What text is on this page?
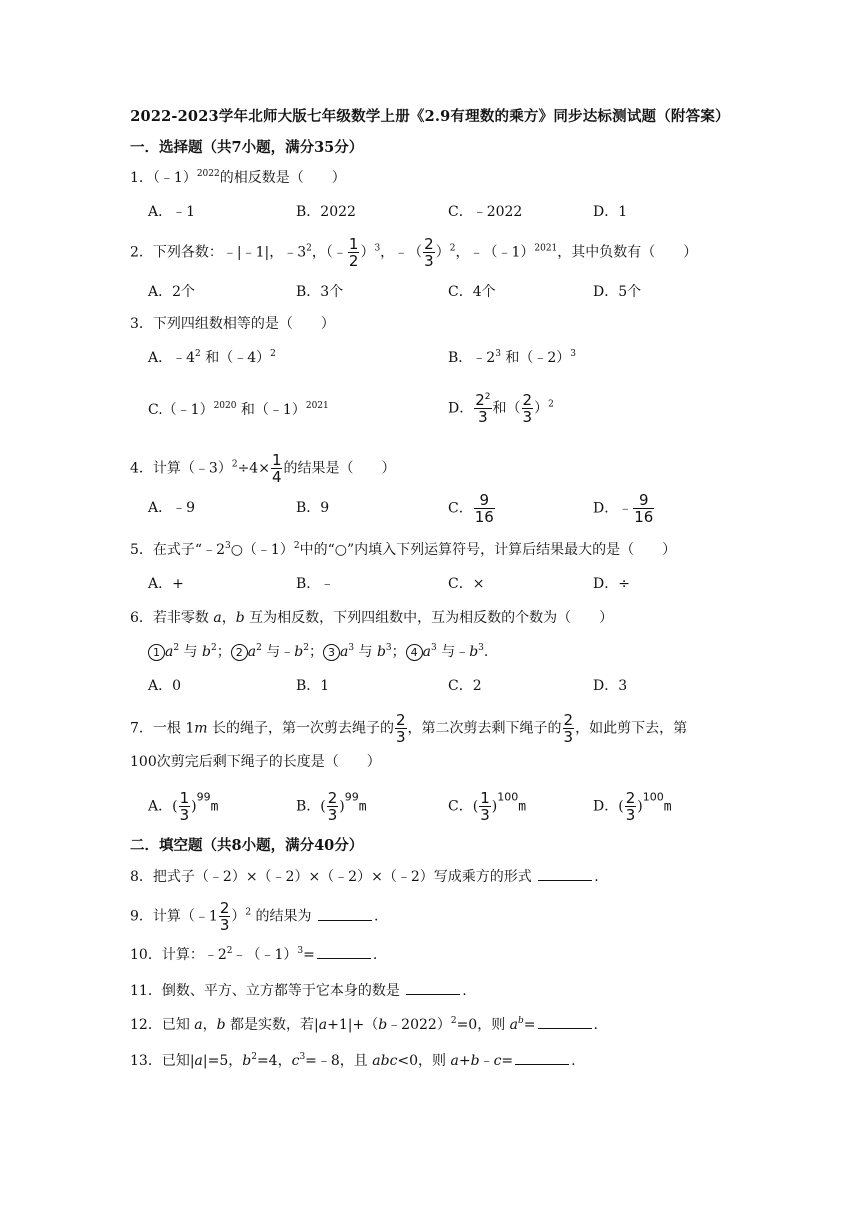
2022-2023学年北师大版七年级数学上册《2.9有理数的乘方》同步达标测试题（附答案）
一．选择题（共7小题，满分35分）
1．（﹣1）$^{2022}$的相反数是（　　）
A．﹣1	B．2022	C．﹣2022	D．1
2．下列各数：﹣|﹣1|，$﹣3^2$，（﹣ $\frac{1}{2} )^3$，﹣（ $\frac{2}{3} )^2$，﹣（﹣1）$^{2021}$，其中负数有（　　）
A．2个	B．3个	C．4个	D．5个
3．下列四组数相等的是（　　）
A．$﹣4^2$ 和（﹣4）$^2$	B．$﹣2^3$ 和（﹣2）$^3$
C.（﹣1）$^{2020}$ 和（﹣1）$^{2021}$	D． $\frac{2^2}{3}$ 和（ $\frac{2}{3} )^2$
4．计算（﹣3）$^2$÷4× $\frac{1}{4}$ 的结果是（　　）
A．﹣9	B．9	C． $\frac{9}{16}$	D．﹣ $\frac{9}{16}$
5．在式子“$﹣2^3○(﹣1)^2$中的“○”内填入下列运算符号，计算后结果最大的是（　　）
A．+	B．﹣	C．×	D．÷
6．若非零数 a，b 互为相反数，下列四组数中，互为相反数的个数为（　　）
1 $a^2$ 与 $b^2$； 2 $a^2$ 与$﹣b^2$； 3 $a^3$ 与 $b^3$； 4 $a^3$ 与$﹣b^3$.
A．0	B．1	C．2	D．3
7．一根 1m 长的绳子，第一次剪去绳子的 $\frac{2}{3}$ ，第二次剪去剩下绳子的 $\frac{2}{3}$ ，如此剪下去，第
100次剪完后剩下绳子的长度是（　　）
A．( $\frac{1}{3} )^{99}m$	B．( $\frac{2}{3} )^{99}m$	C．( $\frac{1}{3} )^{100}m$	D．( $\frac{2}{3} )^{100}m$
二．填空题（共8小题，满分40分）
8．把式子（﹣2）×（﹣2）×（﹣2）×（﹣2）写成乘方的形式	.
9．计算（﹣1 $\frac{2}{3} )^2$ 的结果为	.
10．计算：$﹣2^2﹣(﹣1)^3=$	.
11．倒数、平方、立方都等于它本身的数是	.
12．已知 a，b 都是实数，若|a+1|+（b﹣2022）$^2$=0，则 $a^b=$	.
13．已知|a|=5，$b^2=4$，$c^3=﹣8$，且 abc<0，则 a+b﹣c=	.
